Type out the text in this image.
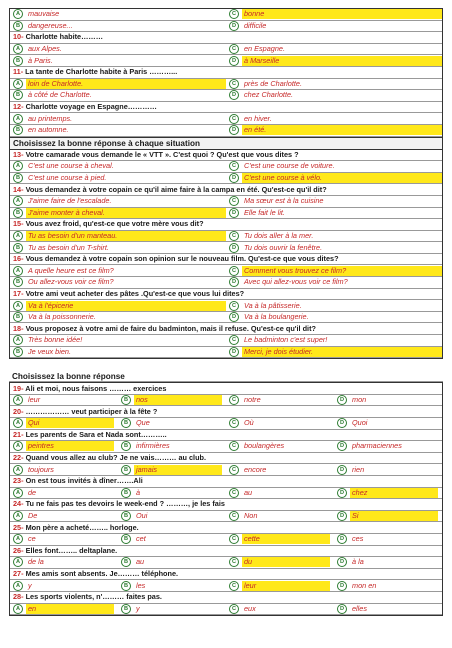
A	mauvaise	C	bonne
B	dangereuse...	D	difficile
10- Charlotte habite………
A	aux Alpes.	C	en Espagne.
B	à Paris.	D	à Marseille
11- La tante de Charlotte habite à Paris ………...
A	loin de Charlotte.	C	près de Charlotte.
B	à côté de Charlotte.	D	chez Charlotte.
12- Charlotte voyage en Espagne…………
A	au printemps.	C	en hiver.
B	en automne.	D	en été.
Choisissez la bonne réponse à chaque situation
13- Votre camarade vous demande le « VTT ». C'est quoi ? Qu'est que vous dites ?
A	C'est une course à cheval.	C	C'est une course de voiture.
B	C'est une course à pied.	D	C'est une course à vélo.
14- Vous demandez à votre copain ce qu'il aime faire à la campa en été. Qu'est-ce qu'il dit?
A	J'aime faire de l'escalade.	C	Ma sœur est à la cuisine
B	J'aime monter à cheval.	D	Elle fait le lit.
15- Vous avez froid, qu'est-ce que votre mère vous dit?
A	Tu as besoin d'un manteau.	C	Tu dois aller à la mer.
B	Tu as besoin d'un T-shirt.	D	Tu dois ouvrir la fenêtre.
16- Vous demandez à votre copain son opinion sur le nouveau film. Qu'est-ce que vous dites?
A	A quelle heure est ce film?	C	Comment vous trouvez ce film?
B	Ou allez-vous voir ce film?	D	Avec qui allez-vous voir ce film?
17- Votre ami veut acheter des pâtes .Qu'est-ce que vous lui dites?
A	Va à l'épicerie	C	Va à la pâtisserie.
B	Va à la poissonnerie.	D	Va à la boulangerie.
18- Vous proposez à votre ami de faire du badminton, mais il refuse. Qu'est-ce qu'il dit?
A	Très bonne idée!	C	Le badminton c'est super!
B	Je veux bien.	D	Merci, je dois étudier.
Choisissez la bonne réponse
19- Ali et moi, nous faisons ……… exercices
A	leur	B	nos	C	notre	D	mon
20- ……………… veut participer à la fête ?
A	Qui	B	Que	C	Où	D	Quoi
21- Les parents de Sara et Nada sont………..
A	peintres	B	infirmières	C	boulangères	D	pharmaciennes
22- Quand vous allez au club? Je ne vais……… au club.
A	toujours	B	jamais	C	encore	D	rien
23- On est tous invités à dîner…….Ali
A	de	B	à	C	au	D	chez
24- Tu ne fais pas tes devoirs le week-end ? ………, je les fais
A	De	B	Oui	C	Non	D	Si
25- Mon père a acheté…….. horloge.
A	ce	B	cet	C	cette	D	ces
26- Elles font…….. deltaplane.
A	de la	B	au	C	du	D	à la
27- Mes amis sont absents. Je……… téléphone.
A	y	B	les	C	leur	D	mon en
28- Les sports violents, n'……… faites pas.
A	en	B	y	C	eux	D	elles
